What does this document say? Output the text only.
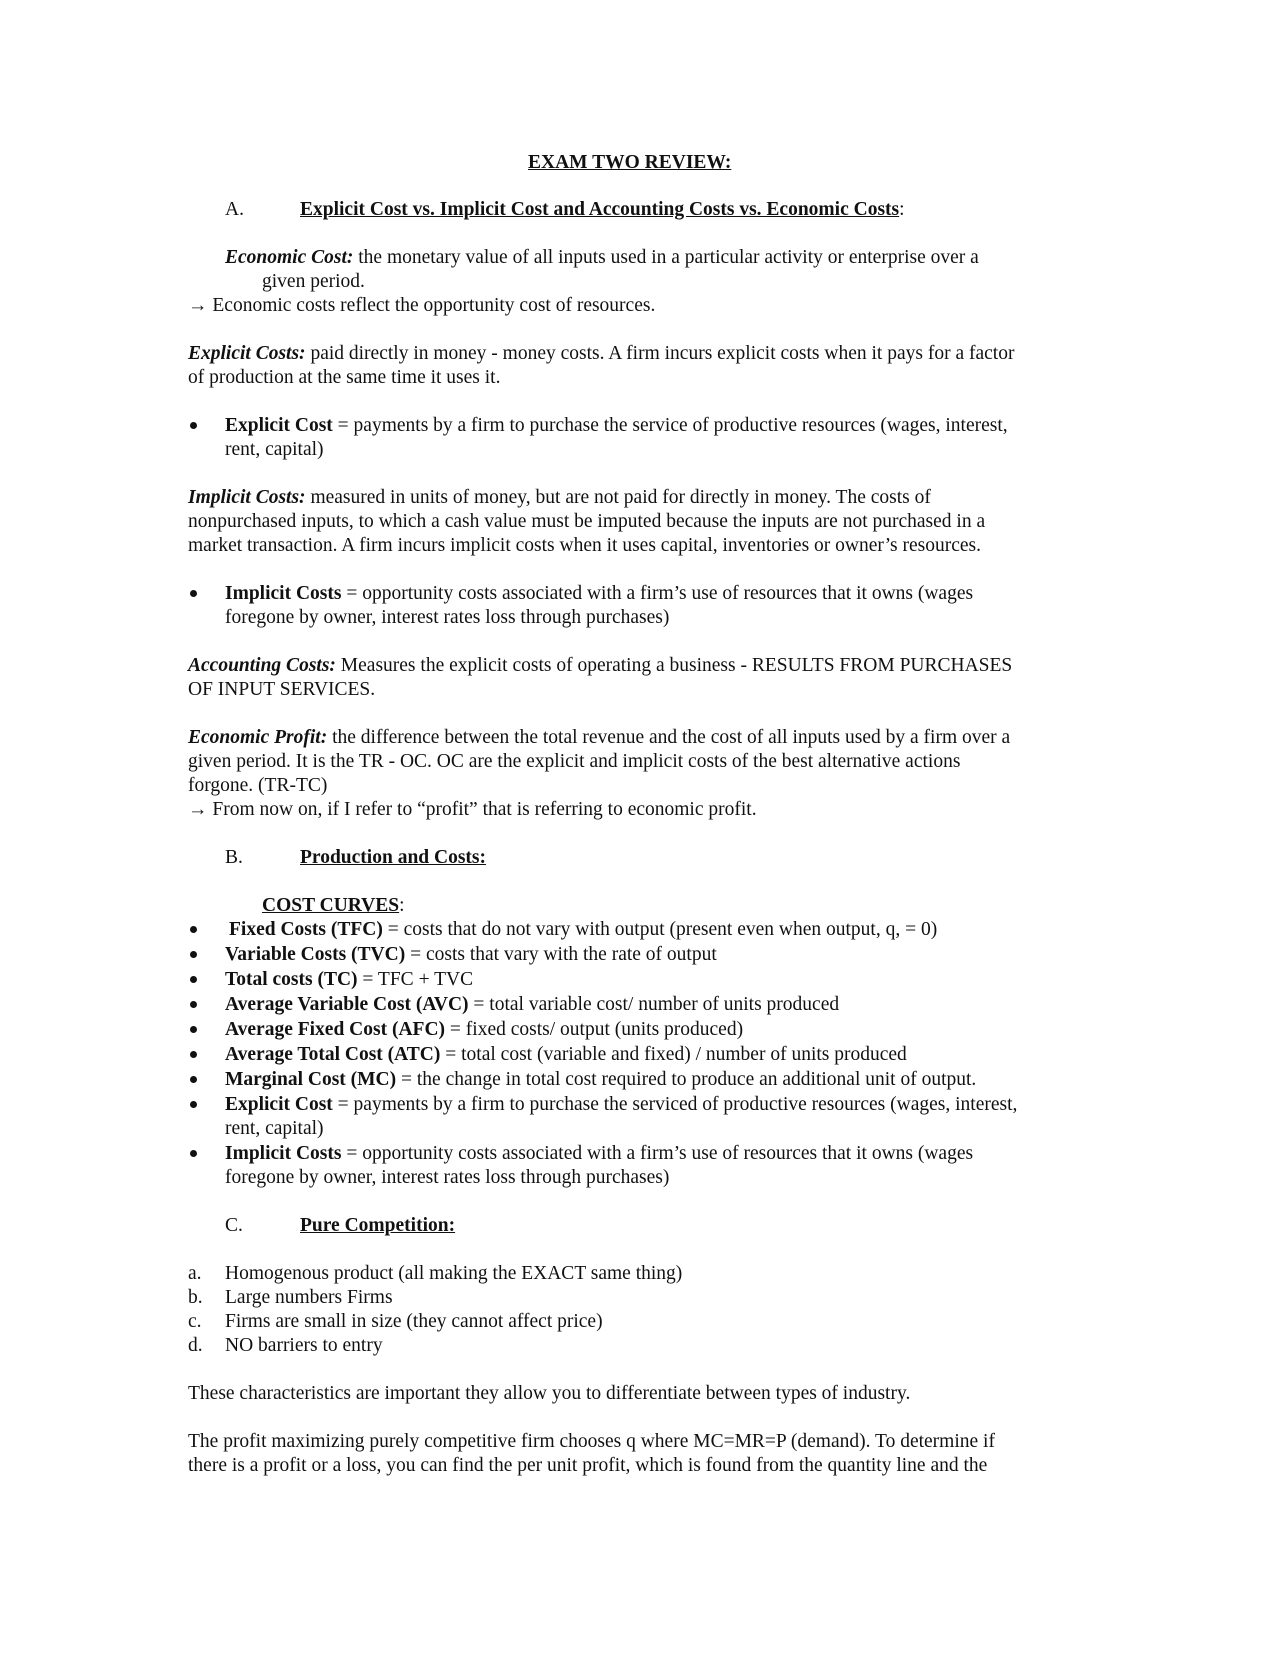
EXAM TWO REVIEW:
A.	Explicit Cost vs. Implicit Cost and Accounting Costs vs. Economic Costs:
Economic Cost: the monetary value of all inputs used in a particular activity or enterprise over a
given period.
→ Economic costs reflect the opportunity cost of resources.
Explicit Costs: paid directly in money - money costs. A firm incurs explicit costs when it pays for a factor
of production at the same time it uses it.
Explicit Cost = payments by a firm to purchase the service of productive resources (wages, interest,
rent, capital)
Implicit Costs: measured in units of money, but are not paid for directly in money. The costs of
nonpurchased inputs, to which a cash value must be imputed because the inputs are not purchased in a
market transaction. A firm incurs implicit costs when it uses capital, inventories or owner’s resources.
Implicit Costs = opportunity costs associated with a firm’s use of resources that it owns (wages
foregone by owner, interest rates loss through purchases)
Accounting Costs: Measures the explicit costs of operating a business - RESULTS FROM PURCHASES
OF INPUT SERVICES.
Economic Profit: the difference between the total revenue and the cost of all inputs used by a firm over a
given period. It is the TR - OC. OC are the explicit and implicit costs of the best alternative actions
forgone. (TR-TC)
→ From now on, if I refer to “profit” that is referring to economic profit.
B.	Production and Costs:
COST CURVES:
Fixed Costs (TFC) = costs that do not vary with output (present even when output, q, = 0)
Variable Costs (TVC) = costs that vary with the rate of output
Total costs (TC) = TFC + TVC
Average Variable Cost (AVC) = total variable cost/ number of units produced
Average Fixed Cost (AFC) = fixed costs/ output (units produced)
Average Total Cost (ATC) = total cost (variable and fixed) / number of units produced
Marginal Cost (MC) = the change in total cost required to produce an additional unit of output.
Explicit Cost = payments by a firm to purchase the serviced of productive resources (wages, interest,
rent, capital)
Implicit Costs = opportunity costs associated with a firm’s use of resources that it owns (wages
foregone by owner, interest rates loss through purchases)
C.	Pure Competition:
a. Homogenous product (all making the EXACT same thing)
b. Large numbers Firms
c. Firms are small in size (they cannot affect price)
d. NO barriers to entry
These characteristics are important they allow you to differentiate between types of industry.
The profit maximizing purely competitive firm chooses q where MC=MR=P (demand). To determine if
there is a profit or a loss, you can find the per unit profit, which is found from the quantity line and the
